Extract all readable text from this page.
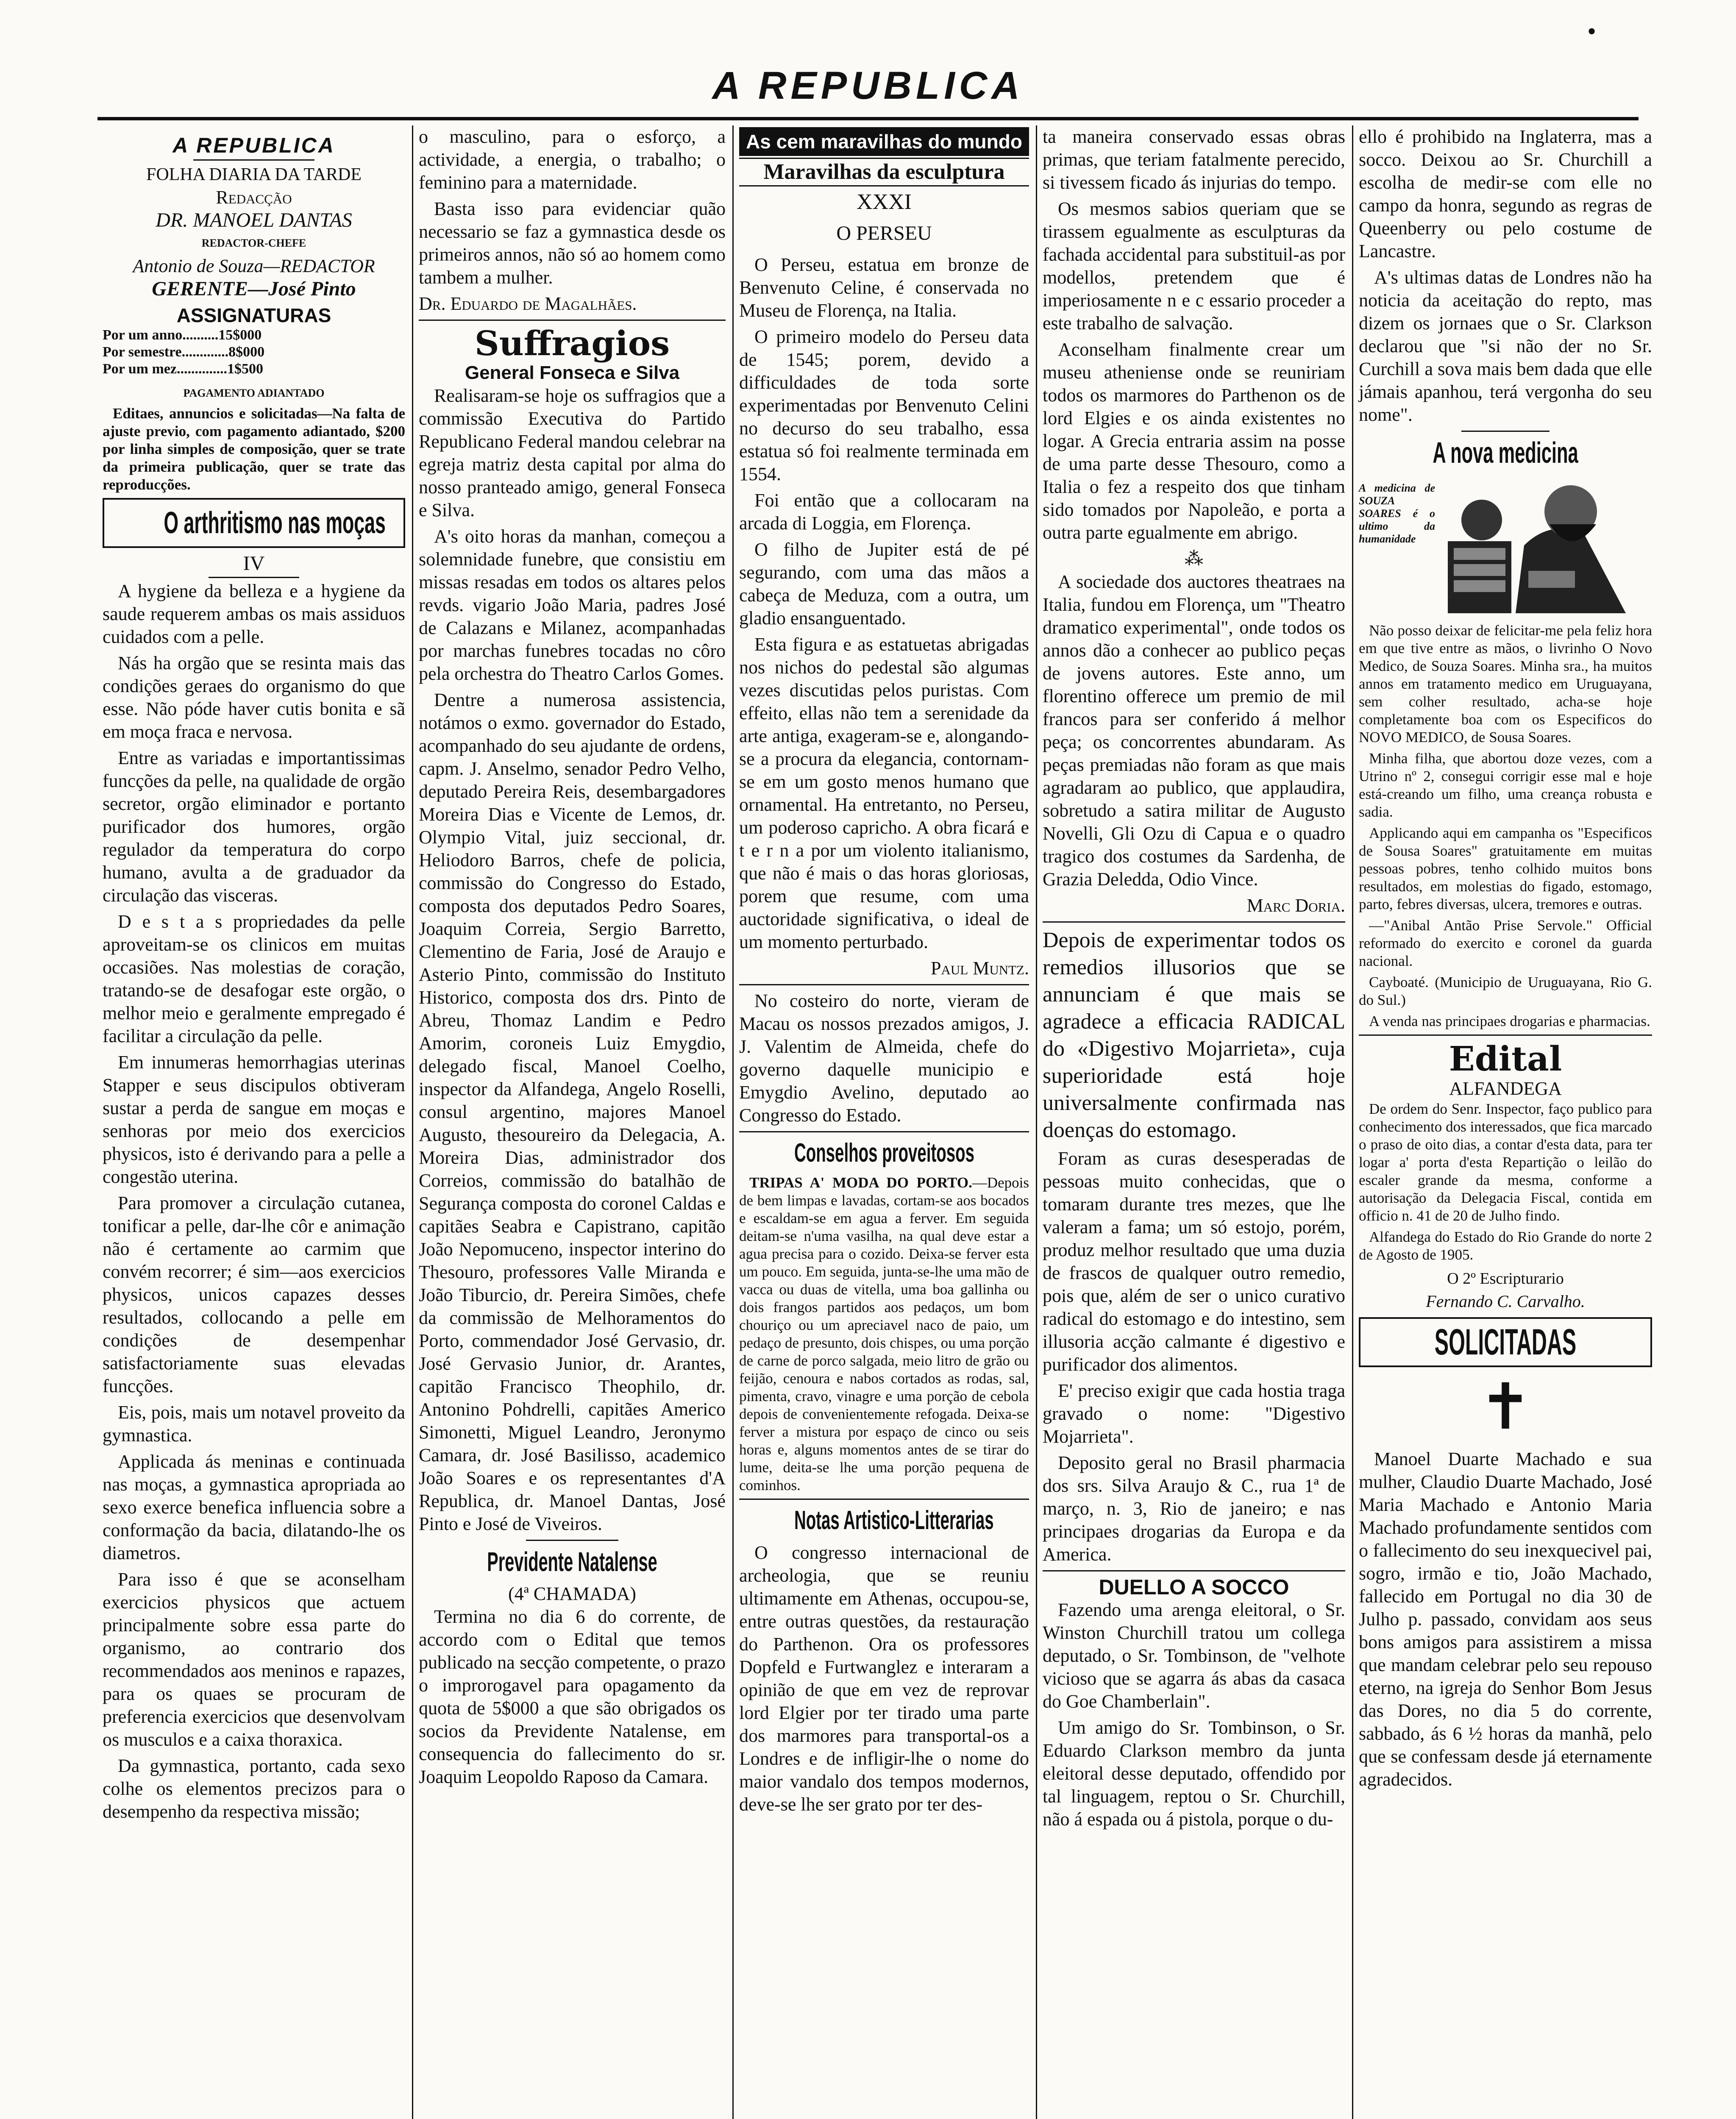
•
A REPUBLICA
A REPUBLICA
FOLHA DIARIA DA TARDE
Redacção
DR. MANOEL DANTAS
REDACTOR-CHEFE
Antonio de Souza—REDACTOR
GERENTE—José Pinto
ASSIGNATURAS
Por um anno..........15$000
Por semestre.............8$000
Por um mez..............1$500
PAGAMENTO ADIANTADO

Editaes, annuncios e solicitadas—Na falta de ajuste previo, com pagamento adiantado, $200 por linha simples de composição, quer se trate da primeira publicação, quer se trate das reproducções.

O arthritismo nas moças
IV

A hygiene da belleza e a hygiene da saude requerem ambas os mais assiduos cuidados com a pelle.

Nás ha orgão que se resinta mais das condições geraes do organismo do que esse. Não póde haver cutis bonita e sã em moça fraca e nervosa.

Entre as variadas e importantissimas funcções da pelle, na qualidade de orgão secretor, orgão eliminador e portanto purificador dos humores, orgão regulador da temperatura do corpo humano, avulta a de graduador da circulação das visceras.

D e s t a s propriedades da pelle aproveitam-se os clinicos em muitas occasiões. Nas molestias de coração, tratando-se de desafogar este orgão, o melhor meio e geralmente empregado é facilitar a circulação da pelle.

Em innumeras hemorrhagias uterinas Stapper e seus discipulos obtiveram sustar a perda de sangue em moças e senhoras por meio dos exercicios physicos, isto é derivando para a pelle a congestão uterina.

Para promover a circulação cutanea, tonificar a pelle, dar-lhe côr e animação não é certamente ao carmim que convém recorrer; é sim—aos exercicios physicos, unicos capazes desses resultados, collocando a pelle em condições de desempenhar satisfactoriamente suas elevadas funcções.

Eis, pois, mais um notavel proveito da gymnastica.

Applicada ás meninas e continuada nas moças, a gymnastica apropriada ao sexo exerce benefica influencia sobre a conformação da bacia, dilatando-lhe os diametros.

Para isso é que se aconselham exercicios physicos que actuem principalmente sobre essa parte do organismo, ao contrario dos recommendados aos meninos e rapazes, para os quaes se procuram de preferencia exercicios que desenvolvam os musculos e a caixa thoraxica.

Da gymnastica, portanto, cada sexo colhe os elementos precizos para o desempenho da respectiva missão;

o masculino, para o esforço, a actividade, a energia, o trabalho; o feminino para a maternidade.

Basta isso para evidenciar quão necessario se faz a gymnastica desde os primeiros annos, não só ao homem como tambem a mulher.

Dr. Eduardo de Magalhães.

Suffragios
General Fonseca e Silva

Realisaram-se hoje os suffragios que a commissão Executiva do Partido Republicano Federal mandou celebrar na egreja matriz desta capital por alma do nosso pranteado amigo, general Fonseca e Silva.

A's oito horas da manhan, começou a solemnidade funebre, que consistiu em missas resadas em todos os altares pelos revds. vigario João Maria, padres José de Calazans e Milanez, acompanhadas por marchas funebres tocadas no côro pela orchestra do Theatro Carlos Gomes.

Dentre a numerosa assistencia, notámos o exmo. governador do Estado, acompanhado do seu ajudante de ordens, capm. J. Anselmo, senador Pedro Velho, deputado Pereira Reis, desembargadores Moreira Dias e Vicente de Lemos, dr. Olympio Vital, juiz seccional, dr. Heliodoro Barros, chefe de policia, commissão do Congresso do Estado, composta dos deputados Pedro Soares, Joaquim Correia, Sergio Barretto, Clementino de Faria, José de Araujo e Asterio Pinto, commissão do Instituto Historico, composta dos drs. Pinto de Abreu, Thomaz Landim e Pedro Amorim, coroneis Luiz Emygdio, delegado fiscal, Manoel Coelho, inspector da Alfandega, Angelo Roselli, consul argentino, majores Manoel Augusto, thesoureiro da Delegacia, A. Moreira Dias, administrador dos Correios, commissão do batalhão de Segurança composta do coronel Caldas e capitães Seabra e Capistrano, capitão João Nepomuceno, inspector interino do Thesouro, professores Valle Miranda e João Tiburcio, dr. Pereira Simões, chefe da commissão de Melhoramentos do Porto, commendador José Gervasio, dr. José Gervasio Junior, dr. Arantes, capitão Francisco Theophilo, dr. Antonino Pohdrelli, capitães Americo Simonetti, Miguel Leandro, Jeronymo Camara, dr. José Basilisso, academico João Soares e os representantes d'A Republica, dr. Manoel Dantas, José Pinto e José de Viveiros.

Previdente Natalense
(4ª CHAMADA)

Termina no dia 6 do corrente, de accordo com o Edital que temos publicado na secção competente, o prazo o improrogavel para opagamento da quota de 5$000 a que são obrigados os socios da Previdente Natalense, em consequencia do fallecimento do sr. Joaquim Leopoldo Raposo da Camara.

As cem maravilhas do mundo
Maravilhas da esculptura
XXXI
O PERSEU

O Perseu, estatua em bronze de Benvenuto Celine, é conservada no Museu de Florença, na Italia.

O primeiro modelo do Perseu data de 1545; porem, devido a difficuldades de toda sorte experimentadas por Benvenuto Celini no decurso do seu trabalho, essa estatua só foi realmente terminada em 1554.

Foi então que a collocaram na arcada di Loggia, em Florença.

O filho de Jupiter está de pé segurando, com uma das mãos a cabeça de Meduza, com a outra, um gladio ensanguentado.

Esta figura e as estatuetas abrigadas nos nichos do pedestal são algumas vezes discutidas pelos puristas. Com effeito, ellas não tem a serenidade da arte antiga, exageram-se e, alongando-se a procura da elegancia, contornam-se em um gosto menos humano que ornamental. Ha entretanto, no Perseu, um poderoso capricho. A obra ficará e t e r n a por um violento italianismo, que não é mais o das horas gloriosas, porem que resume, com uma auctoridade significativa, o ideal de um momento perturbado.

Paul Muntz.

No costeiro do norte, vieram de Macau os nossos prezados amigos, J. J. Valentim de Almeida, chefe do governo daquelle municipio e Emygdio Avelino, deputado ao Congresso do Estado.

Conselhos proveitosos

TRIPAS A' MODA DO PORTO.—Depois de bem limpas e lavadas, cortam-se aos bocados e escaldam-se em agua a ferver. Em seguida deitam-se n'uma vasilha, na qual deve estar a agua precisa para o cozido. Deixa-se ferver esta um pouco. Em seguida, junta-se-lhe uma mão de vacca ou duas de vitella, uma boa gallinha ou dois frangos partidos aos pedaços, um bom chouriço ou um apreciavel naco de paio, um pedaço de presunto, dois chispes, ou uma porção de carne de porco salgada, meio litro de grão ou feijão, cenoura e nabos cortados as rodas, sal, pimenta, cravo, vinagre e uma porção de cebola depois de convenientemente refogada. Deixa-se ferver a mistura por espaço de cinco ou seis horas e, alguns momentos antes de se tirar do lume, deita-se lhe uma porção pequena de cominhos.

Notas Artistico-Litterarias

O congresso internacional de archeologia, que se reuniu ultimamente em Athenas, occupou-se, entre outras questões, da restauração do Parthenon. Ora os professores Dopfeld e Furtwanglez e interaram a opinião de que em vez de reprovar lord Elgier por ter tirado uma parte dos marmores para transportal-os a Londres e de infligir-lhe o nome do maior vandalo dos tempos modernos, deve-se lhe ser grato por ter des-

ta maneira conservado essas obras primas, que teriam fatalmente perecido, si tivessem ficado ás injurias do tempo.

Os mesmos sabios queriam que se tirassem egualmente as esculpturas da fachada accidental para substituil-as por modellos, pretendem que é imperiosamente n e c essario proceder a este trabalho de salvação.

Aconselham finalmente crear um museu atheniense onde se reuniriam todos os marmores do Parthenon os de lord Elgies e os ainda existentes no logar. A Grecia entraria assim na posse de uma parte desse Thesouro, como a Italia o fez a respeito dos que tinham sido tomados por Napoleão, e porta a outra parte egualmente em abrigo.

⁂

A sociedade dos auctores theatraes na Italia, fundou em Florença, um "Theatro dramatico experimental", onde todos os annos dão a conhecer ao publico peças de jovens autores. Este anno, um florentino offerece um premio de mil francos para ser conferido á melhor peça; os concorrentes abundaram. As peças premiadas não foram as que mais agradaram ao publico, que applaudira, sobretudo a satira militar de Augusto Novelli, Gli Ozu di Capua e o quadro tragico dos costumes da Sardenha, de Grazia Deledda, Odio Vince.

Marc Doria.

Depois de experimentar todos os remedios illusorios que se annunciam é que mais se agradece a efficacia RADICAL do «Digestivo Mojarrieta», cuja superioridade está hoje universalmente confirmada nas doenças do estomago.

Foram as curas desesperadas de pessoas muito conhecidas, que o tomaram durante tres mezes, que lhe valeram a fama; um só estojo, porém, produz melhor resultado que uma duzia de frascos de qualquer outro remedio, pois que, além de ser o unico curativo radical do estomago e do intestino, sem illusoria acção calmante é digestivo e purificador dos alimentos.

E' preciso exigir que cada hostia traga gravado o nome: "Digestivo Mojarrieta".

Deposito geral no Brasil pharmacia dos srs. Silva Araujo & C., rua 1ª de março, n. 3, Rio de janeiro; e nas principaes drogarias da Europa e da America.

DUELLO A SOCCO

Fazendo uma arenga eleitoral, o Sr. Winston Churchill tratou um collega deputado, o Sr. Tombinson, de "velhote vicioso que se agarra ás abas da casaca do Goe Chamberlain".

Um amigo do Sr. Tombinson, o Sr. Eduardo Clarkson membro da junta eleitoral desse deputado, offendido por tal linguagem, reptou o Sr. Churchill, não á espada ou á pistola, porque o du-

ello é prohibido na Inglaterra, mas a socco. Deixou ao Sr. Churchill a escolha de medir-se com elle no campo da honra, segundo as regras de Queenberry ou pelo costume de Lancastre.

A's ultimas datas de Londres não ha noticia da aceitação do repto, mas dizem os jornaes que o Sr. Clarkson declarou que "si não der no Sr. Curchill a sova mais bem dada que elle jámais apanhou, terá vergonha do seu nome".

A nova medicina
A medicina de SOUZA SOARES é o ultimo da humanidade

Não posso deixar de felicitar-me pela feliz hora em que tive entre as mãos, o livrinho O Novo Medico, de Souza Soares. Minha sra., ha muitos annos em tratamento medico em Uruguayana, sem colher resultado, acha-se hoje completamente boa com os Especificos do NOVO MEDICO, de Sousa Soares.

Minha filha, que abortou doze vezes, com a Utrino nº 2, consegui corrigir esse mal e hoje está-creando um filho, uma creança robusta e sadia.

Applicando aqui em campanha os "Especificos de Sousa Soares" gratuitamente em muitas pessoas pobres, tenho colhido muitos bons resultados, em molestias do figado, estomago, parto, febres diversas, ulcera, tremores e outras.

—"Anibal Antão Prise Servole." Official reformado do exercito e coronel da guarda nacional.

Cayboaté. (Municipio de Uruguayana, Rio G. do Sul.)

A venda nas principaes drogarias e pharmacias.

Edital
ALFANDEGA

De ordem do Senr. Inspector, faço publico para conhecimento dos interessados, que fica marcado o praso de oito dias, a contar d'esta data, para ter logar a' porta d'esta Repartição o leilão do escaler grande da mesma, conforme a autorisação da Delegacia Fiscal, contida em officio n. 41 de 20 de Julho findo.

Alfandega do Estado do Rio Grande do norte 2 de Agosto de 1905.

O 2º Escripturario
Fernando C. Carvalho.
SOLICITADAS
✝

Manoel Duarte Machado e sua mulher, Claudio Duarte Machado, José Maria Machado e Antonio Maria Machado profundamente sentidos com o fallecimento do seu inexquecivel pai, sogro, irmão e tio, João Machado, fallecido em Portugal no dia 30 de Julho p. passado, convidam aos seus bons amigos para assistirem a missa que mandam celebrar pelo seu repouso eterno, na igreja do Senhor Bom Jesus das Dores, no dia 5 do corrente, sabbado, ás 6 ½ horas da manhã, pelo que se confessam desde já eternamente agradecidos.
